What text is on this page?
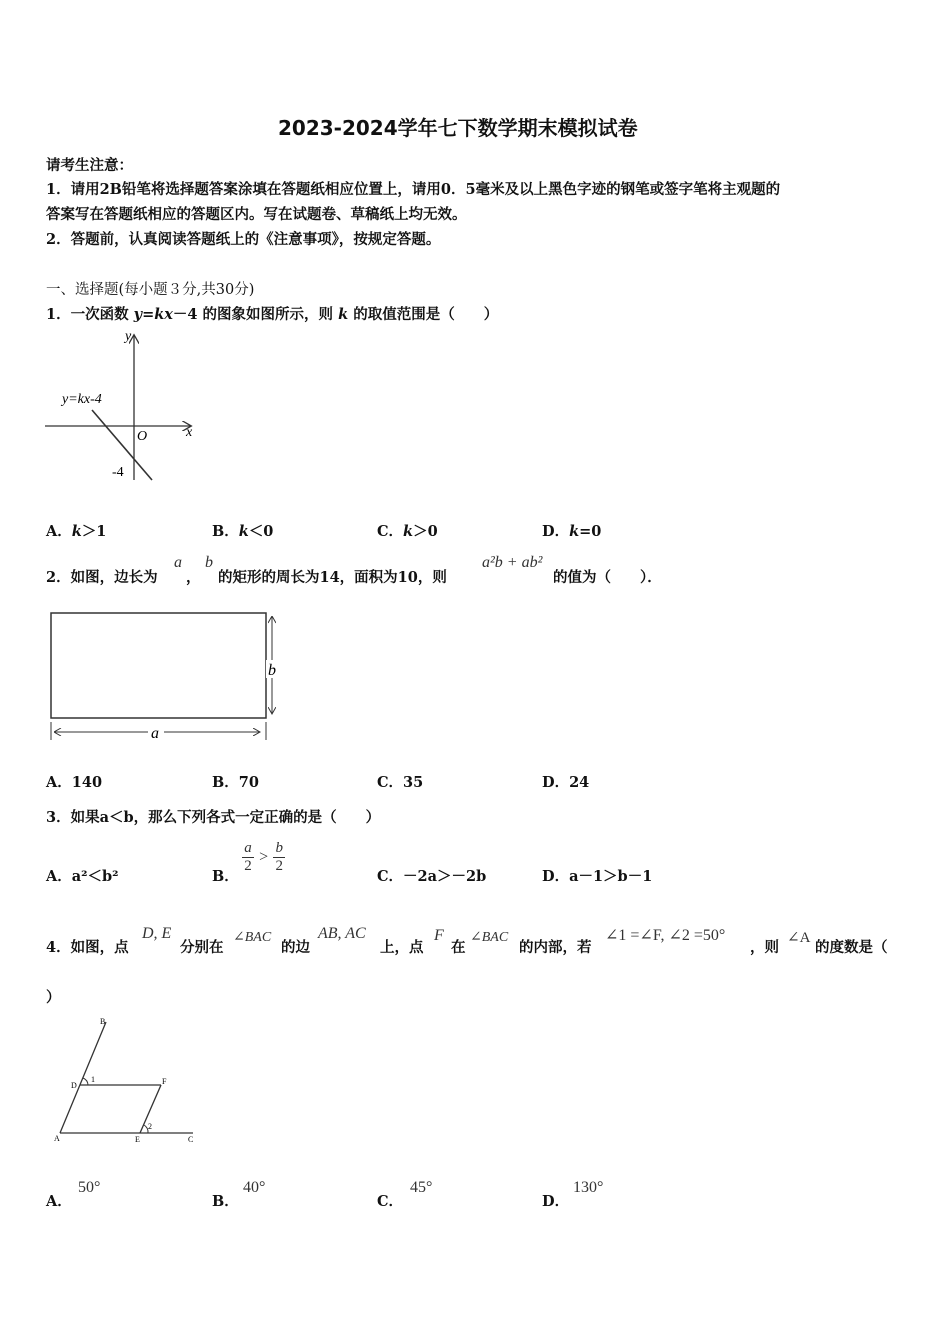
2023-2024学年七下数学期末模拟试卷
请考生注意：
1．请用2B铅笔将选择题答案涂填在答题纸相应位置上，请用0．5毫米及以上黑色字迹的钢笔或签字笔将主观题的
答案写在答题纸相应的答题区内。写在试题卷、草稿纸上均无效。
2．答题前，认真阅读答题纸上的《注意事项》，按规定答题。
一、选择题(每小题３分,共30分)
1．一次函数 y=kx－4 的图象如图所示，则 k 的取值范围是（　　）
y
x
O
y=kx-4
-4
A．k＞1	B．k＜0	C．k＞0	D．k=0
2．如图，边长为
a
，
b
的矩形的周长为14，面积为10，则
a²b + ab²
的值为（　　）．
b
a
A．140	B．70	C．35	D．24
3．如果a＜b，那么下列各式一定正确的是（　　）
A．a²＜b²	B．
$\frac{a}{2} > \frac{b}{2}$
C．－2a＞－2b	D．a－1＞b－1
4．如图，点
D, E
分别在
∠BAC
的边
AB, AC
上，点
F
在
∠BAC
的内部，若
∠1 =∠F, ∠2 =50°
，则
∠A
的度数是（
）
B
D
A	E
F
C
1
2
A．
50°
B．
40°
C．
45°
D．
130°
